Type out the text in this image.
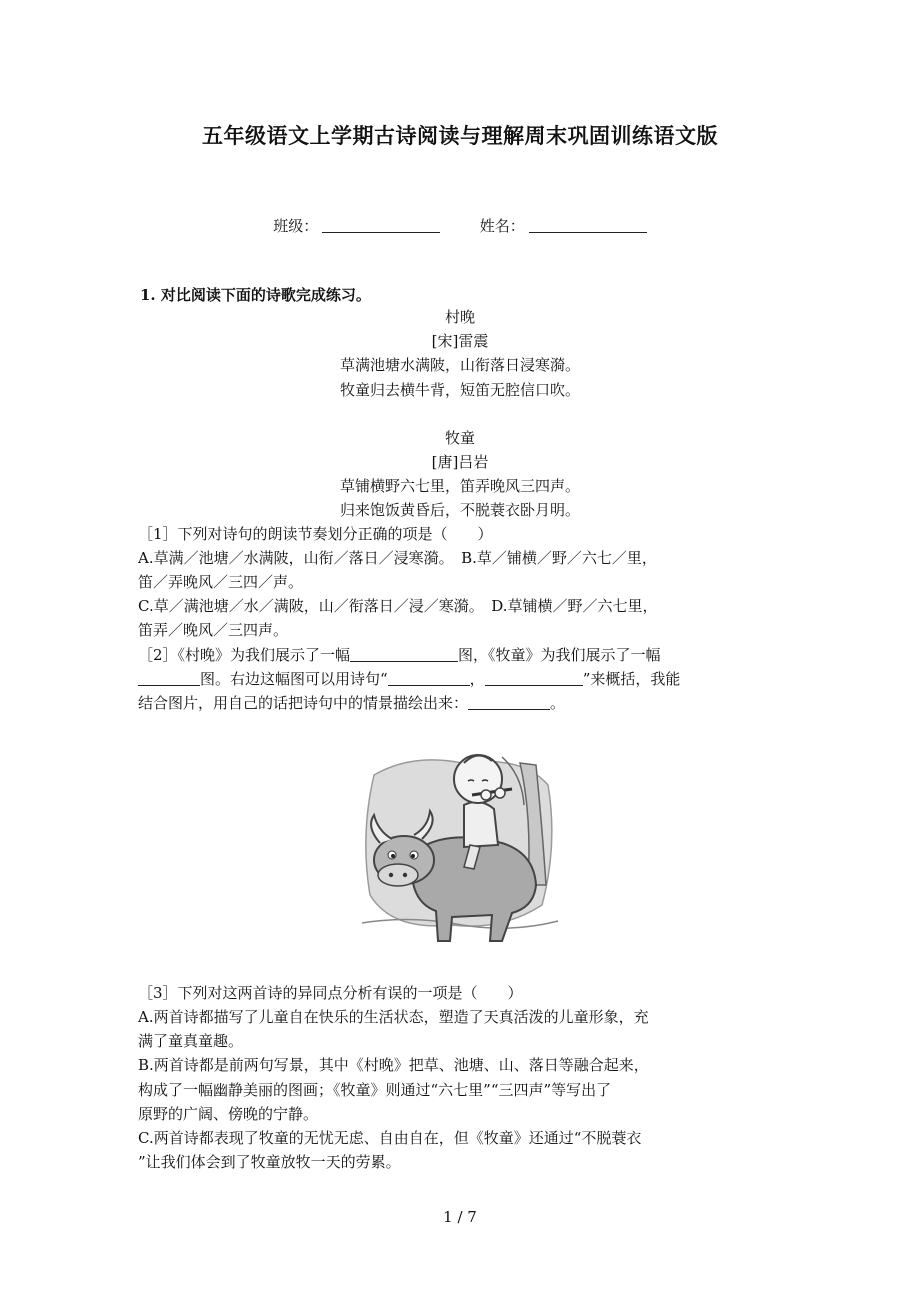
五年级语文上学期古诗阅读与理解周末巩固训练语文版
班级：	姓名：
1. 对比阅读下面的诗歌完成练习。
村晚
[宋]雷震
草满池塘水满陂，山衔落日浸寒漪。
牧童归去横牛背，短笛无腔信口吹。
牧童
[唐]吕岩
草铺横野六七里，笛弄晚风三四声。
归来饱饭黄昏后，不脱蓑衣卧月明。
［1］下列对诗句的朗读节奏划分正确的项是（　　）
A.草满／池塘／水满陂，山衔／落日／浸寒漪。　B.草／铺横／野／六七／里，
笛／弄晚风／三四／声。
C.草／满池塘／水／满陂，山／衔落日／浸／寒漪。　D.草铺横／野／六七里，
笛弄／晚风／三四声。
［2］《村晚》为我们展示了一幅	图，《牧童》为我们展示了一幅
图。右边这幅图可以用诗句“	，	”来概括，我能
结合图片，用自己的话把诗句中的情景描绘出来：	。
［3］下列对这两首诗的异同点分析有误的一项是（　　）
A.两首诗都描写了儿童自在快乐的生活状态，塑造了天真活泼的儿童形象，充
满了童真童趣。
B.两首诗都是前两句写景，其中《村晚》把草、池塘、山、落日等融合起来，
构成了一幅幽静美丽的图画；《牧童》则通过“六七里”“三四声”等写出了
原野的广阔、傍晚的宁静。
C.两首诗都表现了牧童的无忧无虑、自由自在，但《牧童》还通过“不脱蓑衣
”让我们体会到了牧童放牧一天的劳累。
1 / 7
